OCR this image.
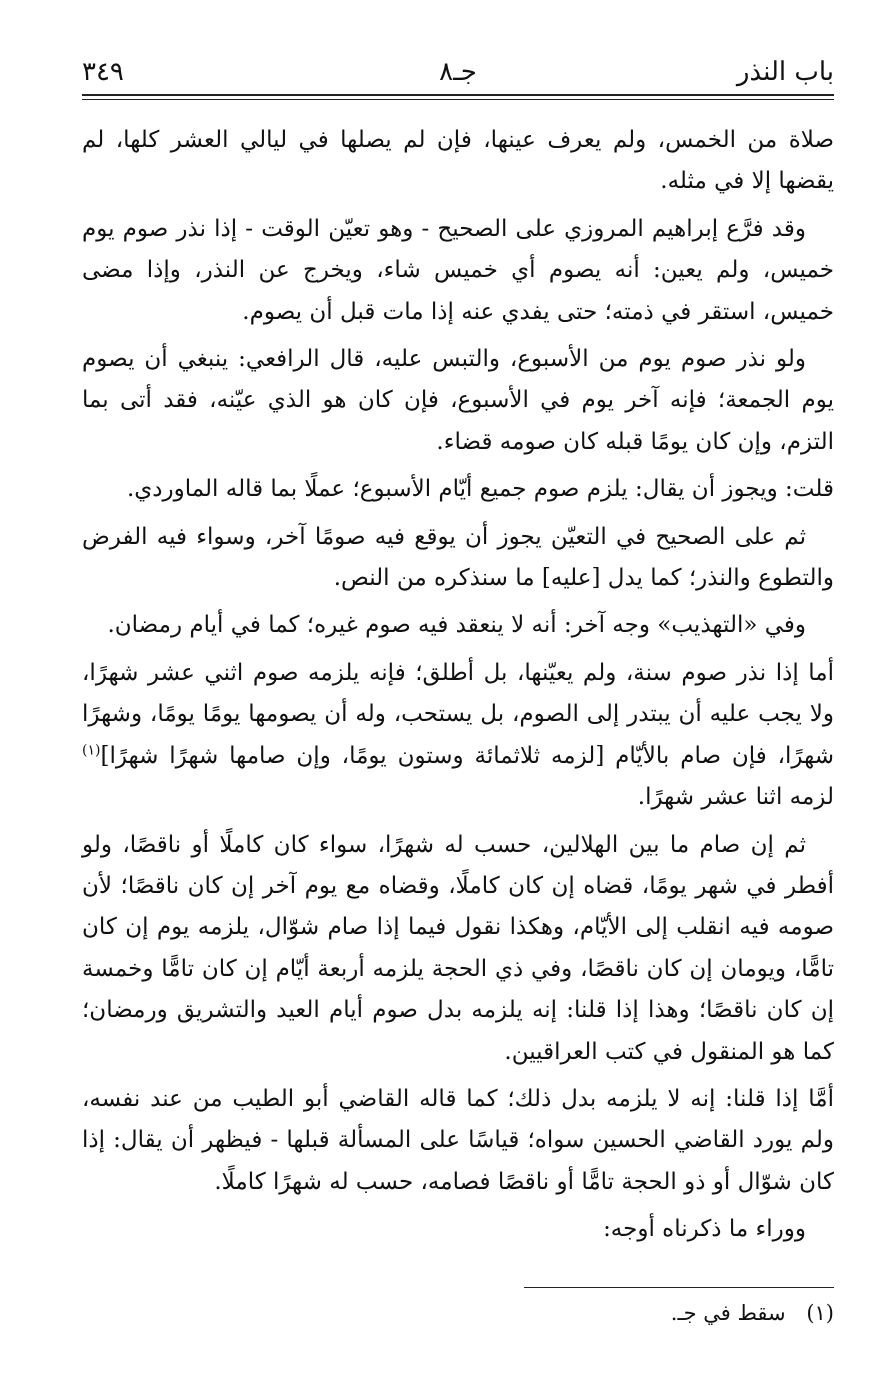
باب النذر
جـ٨
٣٤٩

صلاة من الخمس، ولم يعرف عينها، فإن لم يصلها في ليالي العشر كلها، لم يقضها إلا في مثله.

وقد فرَّع إبراهيم المروزي على الصحيح - وهو تعيّن الوقت - إذا نذر صوم يوم خميس، ولم يعين: أنه يصوم أي خميس شاء، ويخرج عن النذر، وإذا مضى خميس، استقر في ذمته؛ حتى يفدي عنه إذا مات قبل أن يصوم.

ولو نذر صوم يوم من الأسبوع، والتبس عليه، قال الرافعي: ينبغي أن يصوم يوم الجمعة؛ فإنه آخر يوم في الأسبوع، فإن كان هو الذي عيّنه، فقد أتى بما التزم، وإن كان يومًا قبله كان صومه قضاء.

قلت: ويجوز أن يقال: يلزم صوم جميع أيّام الأسبوع؛ عملًا بما قاله الماوردي.

ثم على الصحيح في التعيّن يجوز أن يوقع فيه صومًا آخر، وسواء فيه الفرض والتطوع والنذر؛ كما يدل [عليه] ما سنذكره من النص.

وفي «التهذيب» وجه آخر: أنه لا ينعقد فيه صوم غيره؛ كما في أيام رمضان.

أما إذا نذر صوم سنة، ولم يعيّنها، بل أطلق؛ فإنه يلزمه صوم اثني عشر شهرًا، ولا يجب عليه أن يبتدر إلى الصوم، بل يستحب، وله أن يصومها يومًا يومًا، وشهرًا شهرًا، فإن صام بالأيّام [لزمه ثلاثمائة وستون يومًا، وإن صامها شهرًا شهرًا]$^{(١)}$ لزمه اثنا عشر شهرًا.

ثم إن صام ما بين الهلالين، حسب له شهرًا، سواء كان كاملًا أو ناقصًا، ولو أفطر في شهر يومًا، قضاه إن كان كاملًا، وقضاه مع يوم آخر إن كان ناقصًا؛ لأن صومه فيه انقلب إلى الأيّام، وهكذا نقول فيما إذا صام شوّال، يلزمه يوم إن كان تامًّا، ويومان إن كان ناقصًا، وفي ذي الحجة يلزمه أربعة أيّام إن كان تامًّا وخمسة إن كان ناقصًا؛ وهذا إذا قلنا: إنه يلزمه بدل صوم أيام العيد والتشريق ورمضان؛ كما هو المنقول في كتب العراقيين.

أمَّا إذا قلنا: إنه لا يلزمه بدل ذلك؛ كما قاله القاضي أبو الطيب من عند نفسه، ولم يورد القاضي الحسين سواه؛ قياسًا على المسألة قبلها - فيظهر أن يقال: إذا كان شوّال أو ذو الحجة تامًّا أو ناقصًا فصامه، حسب له شهرًا كاملًا.

ووراء ما ذكرناه أوجه:

(١) سقط في جـ.
